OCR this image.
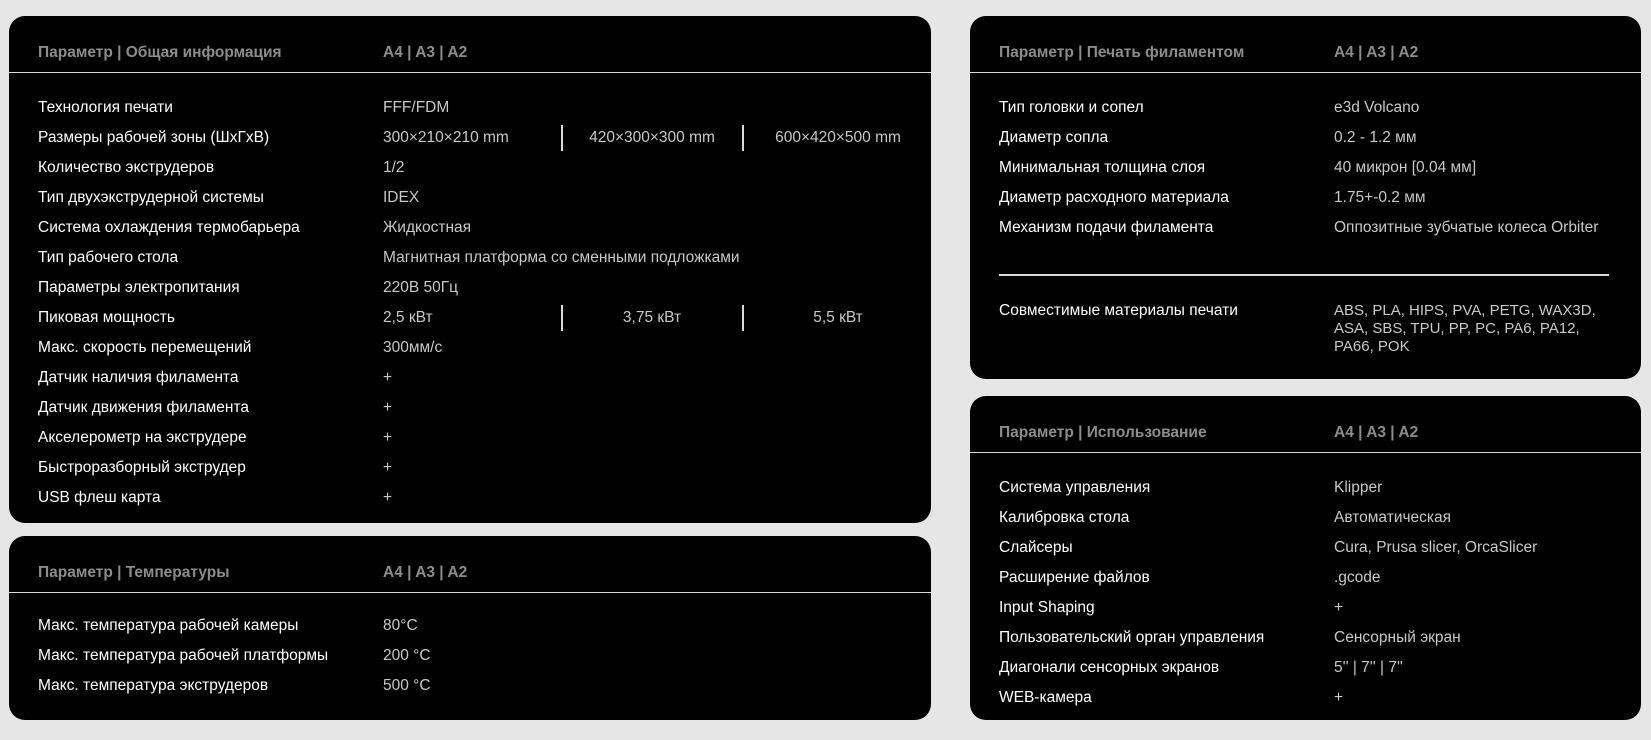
Параметр | Общая информация	A4 | A3 | A2
Технология печати	FFF/FDM
Размеры рабочей зоны (ШхГхВ)	300×210×210 mm	420×300×300 mm	600×420×500 mm
Количество экструдеров	1/2
Тип двухэкструдерной системы	IDEX
Система охлаждения термобарьера	Жидкостная
Тип рабочего стола	Магнитная платформа со сменными подложками
Параметры электропитания	220В 50Гц
Пиковая мощность	2,5 кВт	3,75 кВт	5,5 кВт
Макс. скорость перемещений	300мм/с
Датчик наличия филамента	+
Датчик движения филамента	+
Акселерометр на экструдере	+
Быстроразборный экструдер	+
USB флеш карта	+
Параметр | Температуры	A4 | A3 | A2
Макс. температура рабочей камеры	80°C
Макс. температура рабочей платформы	200 °C
Макс. температура экструдеров	500 °C
Параметр | Печать филаментом	A4 | A3 | A2
Тип головки и сопел	e3d Volcano
Диаметр сопла	0.2 - 1.2 мм
Минимальная толщина слоя	40 микрон [0.04 мм]
Диаметр расходного материала	1.75+-0.2 мм
Механизм подачи филамента	Оппозитные зубчатые колеса Orbiter
Совместимые материалы печати	ABS, PLA, HIPS, PVA, PETG, WAX3D,
ASA, SBS, TPU, PP, PC, PA6, PA12,
PA66, POK
Параметр | Использование	A4 | A3 | A2
Система управления	Klipper
Калибровка стола	Автоматическая
Слайсеры	Cura, Prusa slicer, OrcaSlicer
Расширение файлов	.gcode
Input Shaping	+
Пользовательский орган управления	Сенсорный экран
Диагонали сенсорных экранов	5'' | 7'' | 7''
WEB-камера	+
